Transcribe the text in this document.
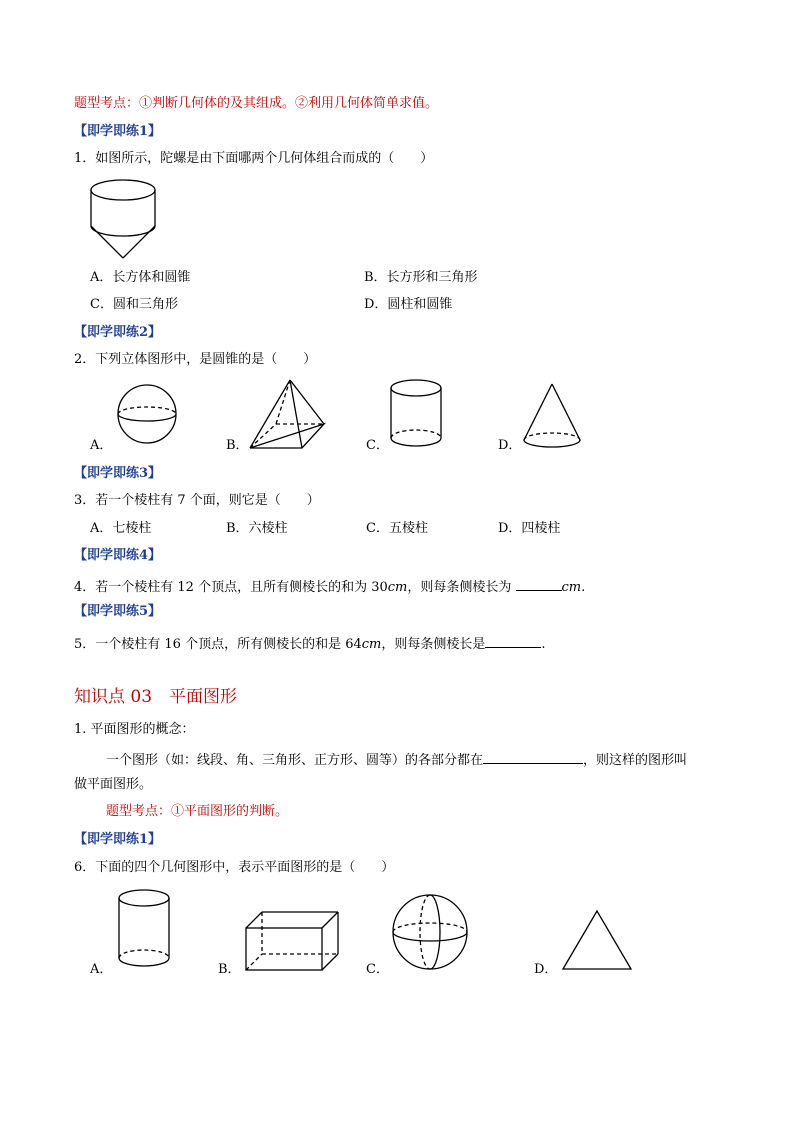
题型考点：①判断几何体的及其组成。②利用几何体简单求值。
【即学即练1】
1．如图所示，陀螺是由下面哪两个几何体组合而成的（　　）
A．长方体和圆锥	B．长方形和三角形
C．圆和三角形	D．圆柱和圆锥
【即学即练2】
2．下列立体图形中，是圆锥的是（　　）
A．	B．	C．	D．
【即学即练3】
3．若一个棱柱有 7 个面，则它是（　　）
A．七棱柱	B．六棱柱	C．五棱柱	D．四棱柱
【即学即练4】
4．若一个棱柱有 12 个顶点，且所有侧棱长的和为 30cm，则每条侧棱长为	cm.
【即学即练5】
5．一个棱柱有 16 个顶点，所有侧棱长的和是 64cm，则每条侧棱长是	.
知识点 03　平面图形
1. 平面图形的概念：
一个图形（如：线段、角、三角形、正方形、圆等）的各部分都在	，则这样的图形叫
做平面图形。
题型考点：①平面图形的判断。
【即学即练1】
6．下面的四个几何图形中，表示平面图形的是（　　）
A．	B．	C．	D．
